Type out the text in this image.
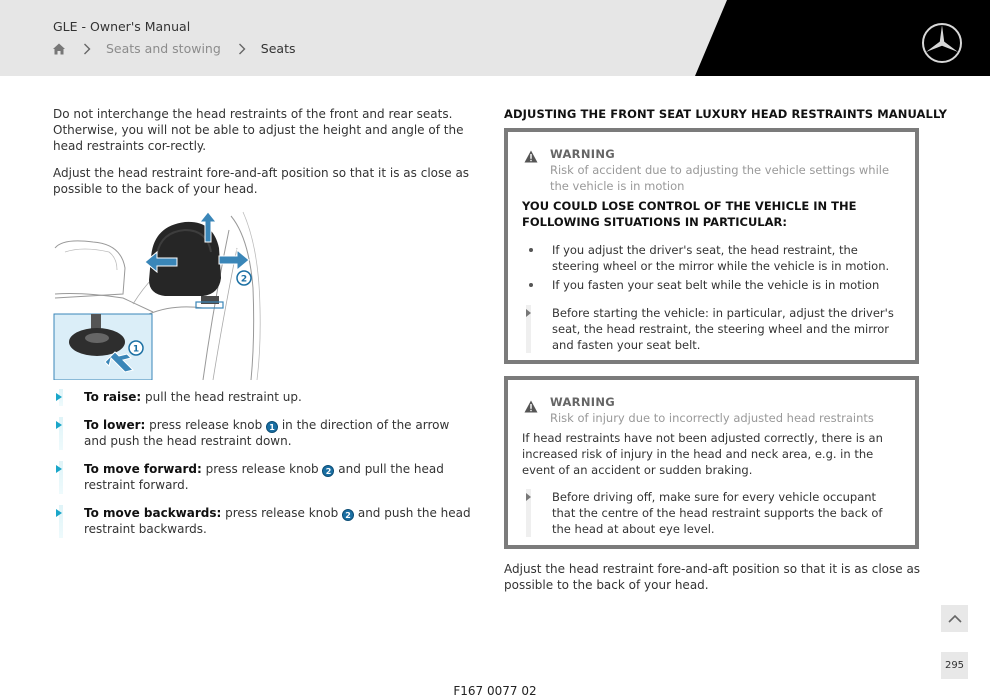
GLE - Owner's Manual
Seats and stowing	Seats

Do not interchange the head restraints of the front and rear seats. Otherwise, you will not be able to adjust the height and angle of the head restraints cor-rectly.

Adjust the head restraint fore-and-aft position so that it is as close as possible to the back of your head.

2
1
To raise: pull the head restraint up.
To lower: press release knob 1 in the direction of the arrow and push the head restraint down.
To move forward: press release knob 2 and pull the head restraint forward.
To move backwards: press release knob 2 and push the head restraint backwards.
ADJUSTING THE FRONT SEAT LUXURY HEAD RESTRAINTS MANUALLY
WARNING
Risk of accident due to adjusting the vehicle settings while the vehicle is in motion
YOU COULD LOSE CONTROL OF THE VEHICLE IN THE FOLLOWING SITUATIONS IN PARTICULAR:
If you adjust the driver's seat, the head restraint, the steering wheel or the mirror while the vehicle is in motion.
If you fasten your seat belt while the vehicle is in motion
Before starting the vehicle: in particular, adjust the driver's seat, the head restraint, the steering wheel and the mirror and fasten your seat belt.
WARNING
Risk of injury due to incorrectly adjusted head restraints
If head restraints have not been adjusted correctly, there is an increased risk of injury in the head and neck area, e.g. in the event of an accident or sudden braking.
Before driving off, make sure for every vehicle occupant that the centre of the head restraint supports the back of the head at about eye level.

Adjust the head restraint fore-and-aft position so that it is as close as possible to the back of your head.

F167 0077 02
295
